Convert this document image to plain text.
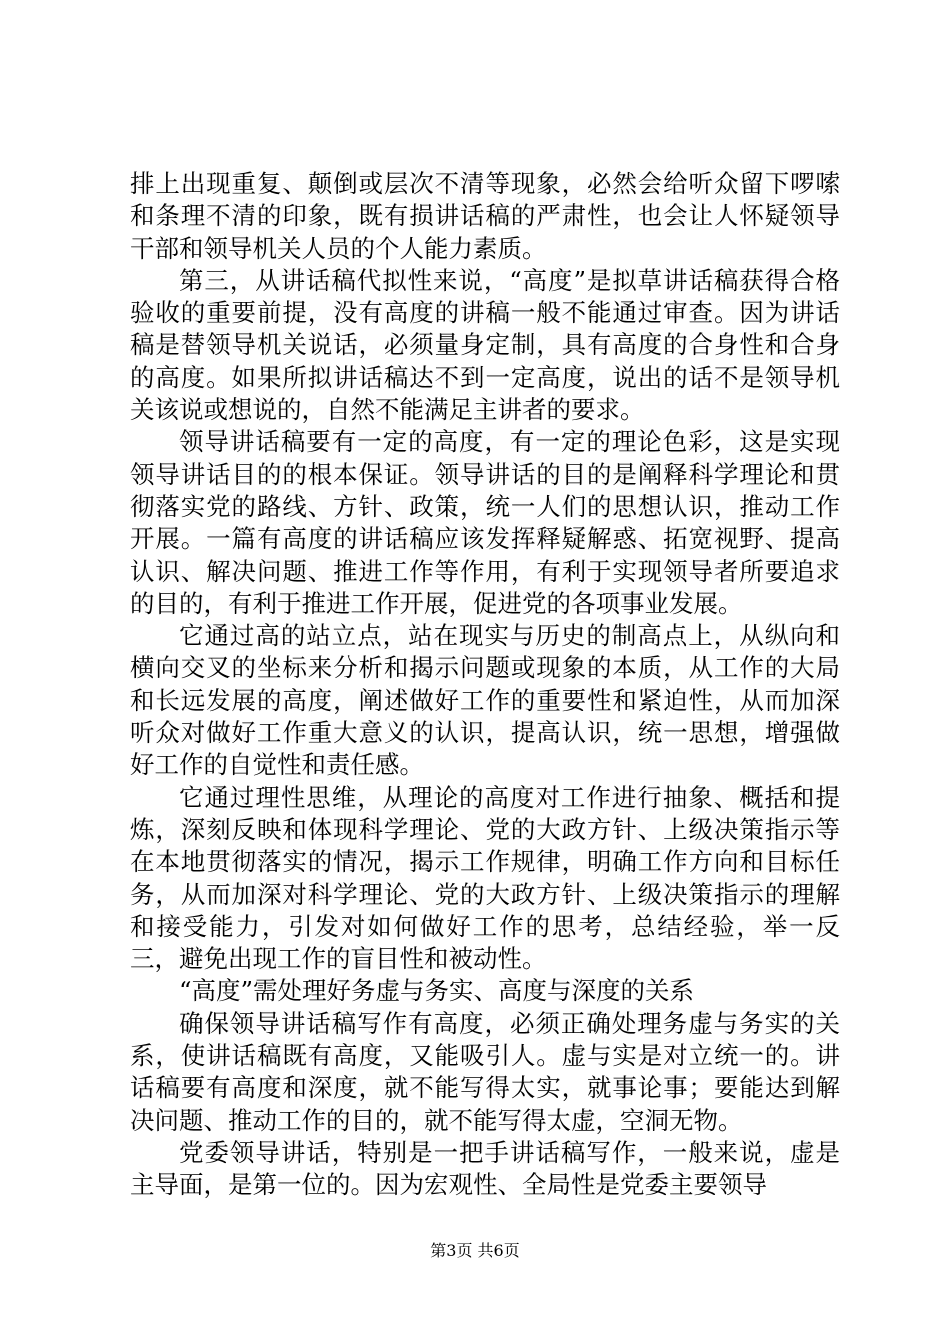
排上出现重复、颠倒或层次不清等现象，必然会给听众留下啰嗦和条理不清的印象，既有损讲话稿的严肃性，也会让人怀疑领导干部和领导机关人员的个人能力素质。

第三，从讲话稿代拟性来说，“高度”是拟草讲话稿获得合格验收的重要前提，没有高度的讲稿一般不能通过审查。因为讲话稿是替领导机关说话，必须量身定制，具有高度的合身性和合身的高度。如果所拟讲话稿达不到一定高度，说出的话不是领导机关该说或想说的，自然不能满足主讲者的要求。

领导讲话稿要有一定的高度，有一定的理论色彩，这是实现领导讲话目的的根本保证。领导讲话的目的是阐释科学理论和贯彻落实党的路线、方针、政策，统一人们的思想认识，推动工作开展。一篇有高度的讲话稿应该发挥释疑解惑、拓宽视野、提高认识、解决问题、推进工作等作用，有利于实现领导者所要追求的目的，有利于推进工作开展，促进党的各项事业发展。

它通过高的站立点，站在现实与历史的制高点上，从纵向和横向交叉的坐标来分析和揭示问题或现象的本质，从工作的大局和长远发展的高度，阐述做好工作的重要性和紧迫性，从而加深听众对做好工作重大意义的认识，提高认识，统一思想，增强做好工作的自觉性和责任感。

它通过理性思维，从理论的高度对工作进行抽象、概括和提炼，深刻反映和体现科学理论、党的大政方针、上级决策指示等在本地贯彻落实的情况，揭示工作规律，明确工作方向和目标任务，从而加深对科学理论、党的大政方针、上级决策指示的理解和接受能力，引发对如何做好工作的思考，总结经验，举一反三，避免出现工作的盲目性和被动性。

“高度”需处理好务虚与务实、高度与深度的关系

确保领导讲话稿写作有高度，必须正确处理务虚与务实的关系，使讲话稿既有高度，又能吸引人。虚与实是对立统一的。讲话稿要有高度和深度，就不能写得太实，就事论事；要能达到解决问题、推动工作的目的，就不能写得太虚，空洞无物。

党委领导讲话，特别是一把手讲话稿写作，一般来说，虚是主导面，是第一位的。因为宏观性、全局性是党委主要领导

第3页 共6页
